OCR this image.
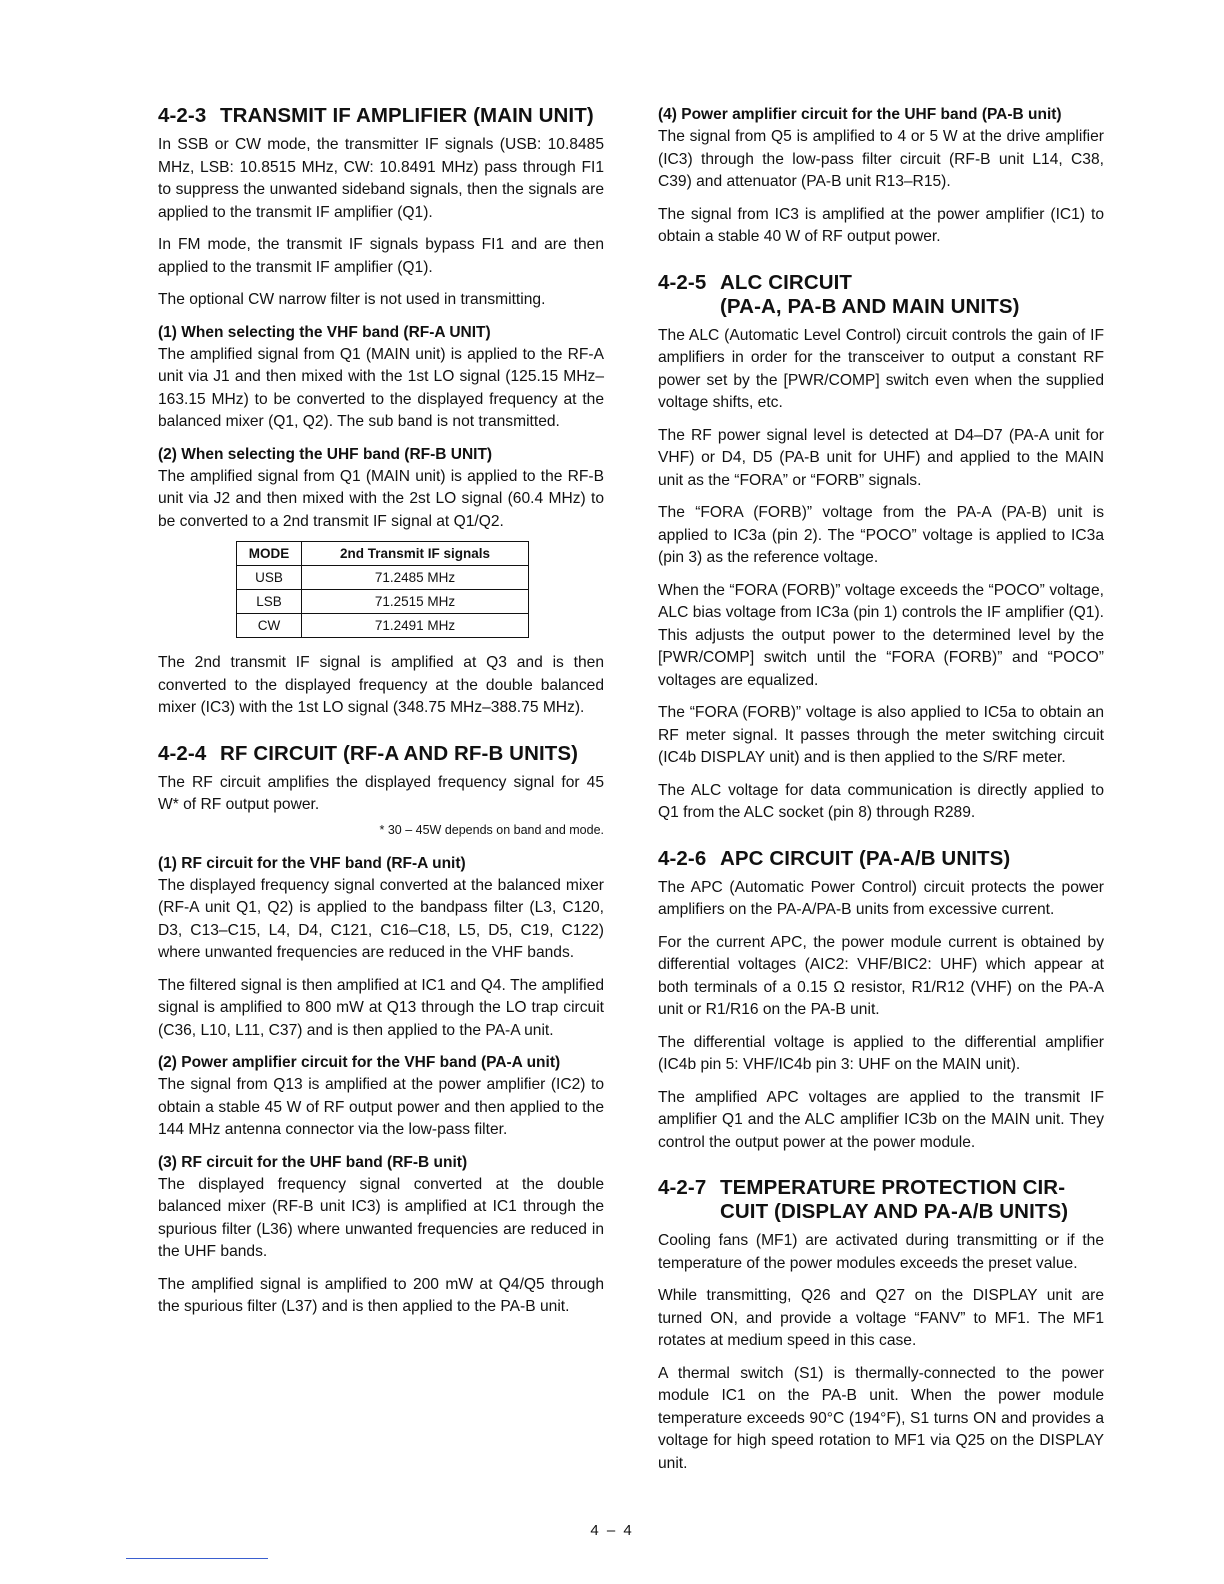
4-2-3 TRANSMIT IF AMPLIFIER (MAIN UNIT)

In SSB or CW mode, the transmitter IF signals (USB: 10.8485 MHz, LSB: 10.8515 MHz, CW: 10.8491 MHz) pass through FI1 to suppress the unwanted sideband signals, then the signals are applied to the transmit IF amplifier (Q1).

In FM mode, the transmit IF signals bypass FI1 and are then applied to the transmit IF amplifier (Q1).

The optional CW narrow filter is not used in transmitting.

(1) When selecting the VHF band (RF-A UNIT)

The amplified signal from Q1 (MAIN unit) is applied to the RF-A unit via J1 and then mixed with the 1st LO signal (125.15 MHz–163.15 MHz) to be converted to the displayed frequency at the balanced mixer (Q1, Q2). The sub band is not transmitted.

(2) When selecting the UHF band (RF-B UNIT)

The amplified signal from Q1 (MAIN unit) is applied to the RF-B unit via J2 and then mixed with the 2st LO signal (60.4 MHz) to be converted to a 2nd transmit IF signal at Q1/Q2.

MODE	2nd Transmit IF signals
USB	71.2485 MHz
LSB	71.2515 MHz
CW	71.2491 MHz

The 2nd transmit IF signal is amplified at Q3 and is then converted to the displayed frequency at the double balanced mixer (IC3) with the 1st LO signal (348.75 MHz–388.75 MHz).

4-2-4 RF CIRCUIT (RF-A AND RF-B UNITS)

The RF circuit amplifies the displayed frequency signal for 45 W* of RF output power.

* 30 – 45W depends on band and mode.
(1) RF circuit for the VHF band (RF-A unit)

The displayed frequency signal converted at the balanced mixer (RF-A unit Q1, Q2) is applied to the bandpass filter (L3, C120, D3, C13–C15, L4, D4, C121, C16–C18, L5, D5, C19, C122) where unwanted frequencies are reduced in the VHF bands.

The filtered signal is then amplified at IC1 and Q4. The amplified signal is amplified to 800 mW at Q13 through the LO trap circuit (C36, L10, L11, C37) and is then applied to the PA-A unit.

(2) Power amplifier circuit for the VHF band (PA-A unit)

The signal from Q13 is amplified at the power amplifier (IC2) to obtain a stable 45 W of RF output power and then applied to the 144 MHz antenna connector via the low-pass filter.

(3) RF circuit for the UHF band (RF-B unit)

The displayed frequency signal converted at the double balanced mixer (RF-B unit IC3) is amplified at IC1 through the spurious filter (L36) where unwanted frequencies are reduced in the UHF bands.

The amplified signal is amplified to 200 mW at Q4/Q5 through the spurious filter (L37) and is then applied to the PA-B unit.

(4) Power amplifier circuit for the UHF band (PA-B unit)

The signal from Q5 is amplified to 4 or 5 W at the drive amplifier (IC3) through the low-pass filter circuit (RF-B unit L14, C38, C39) and attenuator (PA-B unit R13–R15).

The signal from IC3 is amplified at the power amplifier (IC1) to obtain a stable 40 W of RF output power.

4-2-5 ALC CIRCUIT
(PA-A, PA-B AND MAIN UNITS)

The ALC (Automatic Level Control) circuit controls the gain of IF amplifiers in order for the transceiver to output a constant RF power set by the [PWR/COMP] switch even when the supplied voltage shifts, etc.

The RF power signal level is detected at D4–D7 (PA-A unit for VHF) or D4, D5 (PA-B unit for UHF) and applied to the MAIN unit as the “FORA” or “FORB” signals.

The “FORA (FORB)” voltage from the PA-A (PA-B) unit is applied to IC3a (pin 2). The “POCO” voltage is applied to IC3a (pin 3) as the reference voltage.

When the “FORA (FORB)” voltage exceeds the “POCO” voltage, ALC bias voltage from IC3a (pin 1) controls the IF amplifier (Q1). This adjusts the output power to the determined level by the [PWR/COMP] switch until the “FORA (FORB)” and “POCO” voltages are equalized.

The “FORA (FORB)” voltage is also applied to IC5a to obtain an RF meter signal. It passes through the meter switching circuit (IC4b DISPLAY unit) and is then applied to the S/RF meter.

The ALC voltage for data communication is directly applied to Q1 from the ALC socket (pin 8) through R289.

4-2-6 APC CIRCUIT (PA-A/B UNITS)

The APC (Automatic Power Control) circuit protects the power amplifiers on the PA-A/PA-B units from excessive current.

For the current APC, the power module current is obtained by differential voltages (AIC2: VHF/BIC2: UHF) which appear at both terminals of a 0.15 Ω resistor, R1/R12 (VHF) on the PA-A unit or R1/R16 on the PA-B unit.

The differential voltage is applied to the differential amplifier (IC4b pin 5: VHF/IC4b pin 3: UHF on the MAIN unit).

The amplified APC voltages are applied to the transmit IF amplifier Q1 and the ALC amplifier IC3b on the MAIN unit. They control the output power at the power module.

4-2-7 TEMPERATURE PROTECTION CIR-
CUIT (DISPLAY AND PA-A/B UNITS)

Cooling fans (MF1) are activated during transmitting or if the temperature of the power modules exceeds the preset value.

While transmitting, Q26 and Q27 on the DISPLAY unit are turned ON, and provide a voltage “FANV” to MF1. The MF1 rotates at medium speed in this case.

A thermal switch (S1) is thermally-connected to the power module IC1 on the PA-B unit. When the power module temperature exceeds 90°C (194°F), S1 turns ON and provides a voltage for high speed rotation to MF1 via Q25 on the DISPLAY unit.

4 – 4
